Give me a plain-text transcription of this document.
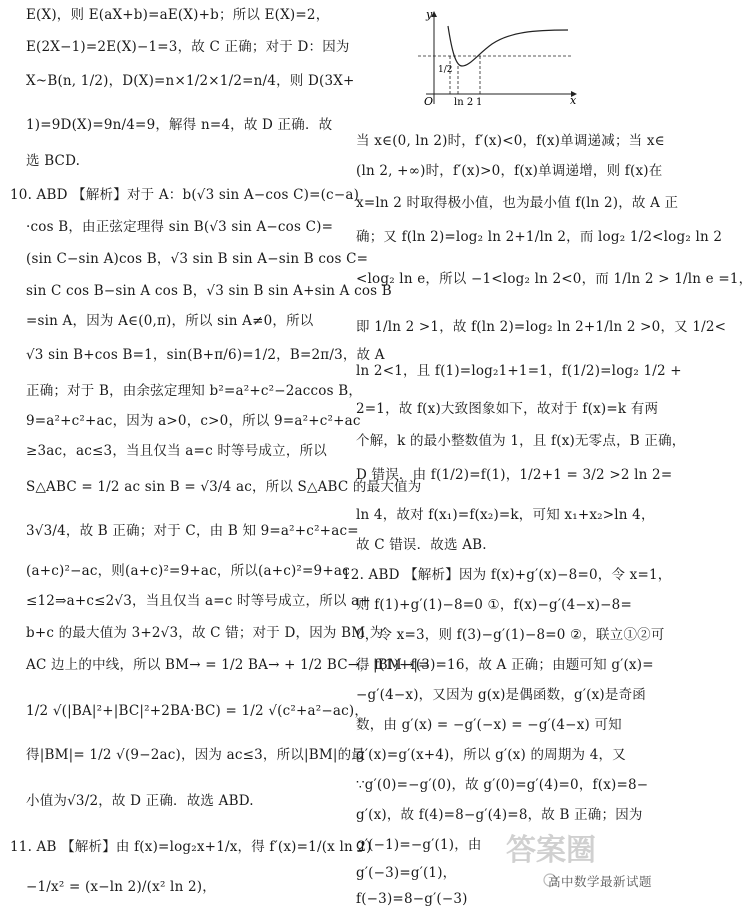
E(X)，则 E(aX+b)=aE(X)+b；所以 E(X)=2，
E(2X−1)=2E(X)−1=3，故 C 正确；对于 D：因为
X~B(n, 1/2)，D(X)=n×1/2×1/2=n/4，则 D(3X+
1)=9D(X)=9n/4=9，解得 n=4，故 D 正确．故
选 BCD.
10. ABD 【解析】对于 A：b(√3 sin A−cos C)=(c−a)
·cos B，由正弦定理得 sin B(√3 sin A−cos C)=
(sin C−sin A)cos B，√3 sin B sin A−sin B cos C=
sin C cos B−sin A cos B，√3 sin B sin A+sin A cos B
=sin A，因为 A∈(0,π)，所以 sin A≠0，所以
√3 sin B+cos B=1，sin(B+π/6)=1/2，B=2π/3，故 A
正确；对于 B，由余弦定理知 b²=a²+c²−2accos B，
9=a²+c²+ac，因为 a>0，c>0，所以 9=a²+c²+ac
≥3ac，ac≤3，当且仅当 a=c 时等号成立，所以
S△ABC = 1/2 ac sin B = √3/4 ac，所以 S△ABC 的最大值为
3√3/4，故 B 正确；对于 C，由 B 知 9=a²+c²+ac=
(a+c)²−ac，则(a+c)²=9+ac，所以(a+c)²=9+ac
≤12⇒a+c≤2√3，当且仅当 a=c 时等号成立，所以 a+
b+c 的最大值为 3+2√3，故 C 错；对于 D，因为 BM 为
AC 边上的中线，所以 BM→ = 1/2 BA→ + 1/2 BC→，|BM→|=
1/2 √(|BA|²+|BC|²+2BA·BC) = 1/2 √(c²+a²−ac)，
得|BM|= 1/2 √(9−2ac)，因为 ac≤3，所以|BM|的最
小值为√3/2，故 D 正确．故选 ABD.
11. AB 【解析】由 f(x)=log₂x+1/x，得 f′(x)=1/(x ln 2)
−1/x² = (x−ln 2)/(x² ln 2)，
y
x
O
1/2
ln 2 1
当 x∈(0, ln 2)时，f′(x)<0，f(x)单调递减；当 x∈
(ln 2, +∞)时，f′(x)>0，f(x)单调递增，则 f(x)在
x=ln 2 时取得极小值，也为最小值 f(ln 2)，故 A 正
确；又 f(ln 2)=log₂ ln 2+1/ln 2，而 log₂ 1/2<log₂ ln 2
<log₂ ln e，所以 −1<log₂ ln 2<0，而 1/ln 2 > 1/ln e =1，
即 1/ln 2 >1，故 f(ln 2)=log₂ ln 2+1/ln 2 >0，又 1/2<
ln 2<1，且 f(1)=log₂1+1=1，f(1/2)=log₂ 1/2 +
2=1，故 f(x)大致图象如下，故对于 f(x)=k 有两
个解，k 的最小整数值为 1，且 f(x)无零点，B 正确，
D 错误．由 f(1/2)=f(1)，1/2+1 = 3/2 >2 ln 2=
ln 4，故对 f(x₁)=f(x₂)=k，可知 x₁+x₂>ln 4，
故 C 错误．故选 AB.
12. ABD 【解析】因为 f(x)+g′(x)−8=0，令 x=1，
则 f(1)+g′(1)−8=0 ①，f(x)−g′(4−x)−8=
0，令 x=3，则 f(3)−g′(1)−8=0 ②，联立①②可
得 f(1)+f(3)=16，故 A 正确；由题可知 g′(x)=
−g′(4−x)，又因为 g(x)是偶函数，g′(x)是奇函
数，由 g′(x) = −g′(−x) = −g′(4−x) 可知
g′(x)=g′(x+4)，所以 g′(x) 的周期为 4，又
∵g′(0)=−g′(0)，故 g′(0)=g′(4)=0，f(x)=8−
g′(x)，故 f(4)=8−g′(4)=8，故 B 正确；因为
g′(−1)=−g′(1)，由
g′(−3)=g′(1)，
f(−3)=8−g′(−3)
答案圈
高中数学最新试题
